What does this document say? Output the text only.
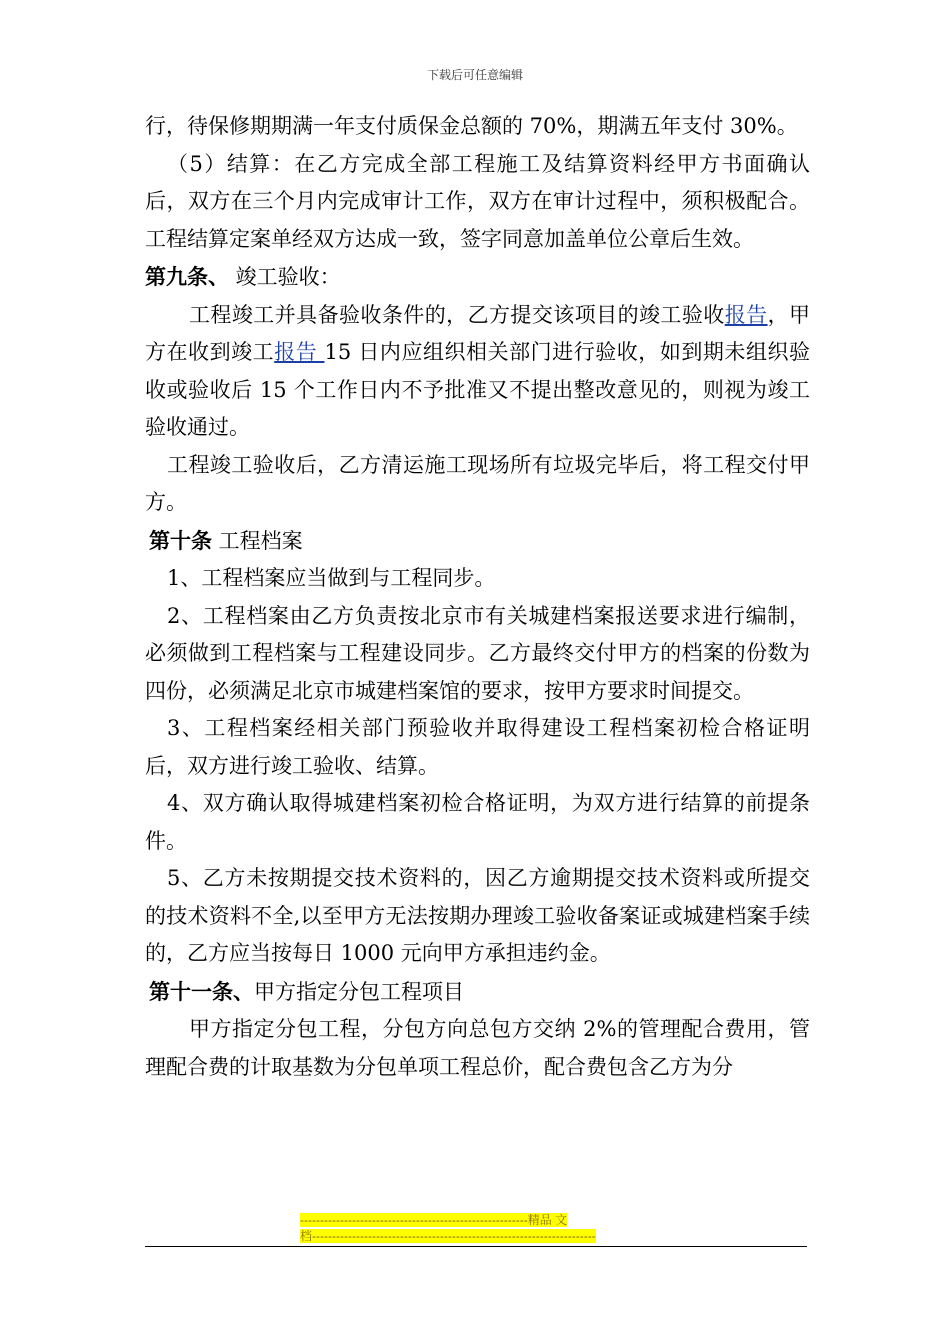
下载后可任意编辑

行，待保修期期满一年支付质保金总额的 70%，期满五年支付 30%。

（5）结算：在乙方完成全部工程施工及结算资料经甲方书面确认后，双方在三个月内完成审计工作，双方在审计过程中，须积极配合。工程结算定案单经双方达成一致，签字同意加盖单位公章后生效。

第九条、 竣工验收：

工程竣工并具备验收条件的，乙方提交该项目的竣工验收报告，甲方在收到竣工报告 15 日内应组织相关部门进行验收，如到期未组织验收或验收后 15 个工作日内不予批准又不提出整改意见的，则视为竣工验收通过。

工程竣工验收后，乙方清运施工现场所有垃圾完毕后，将工程交付甲方。

第十条 工程档案

1、工程档案应当做到与工程同步。

2、工程档案由乙方负责按北京市有关城建档案报送要求进行编制，必须做到工程档案与工程建设同步。乙方最终交付甲方的档案的份数为四份，必须满足北京市城建档案馆的要求，按甲方要求时间提交。

3、工程档案经相关部门预验收并取得建设工程档案初检合格证明后，双方进行竣工验收、结算。

4、双方确认取得城建档案初检合格证明，为双方进行结算的前提条件。

5、乙方未按期提交技术资料的，因乙方逾期提交技术资料或所提交的技术资料不全,以至甲方无法按期办理竣工验收备案证或城建档案手续的，乙方应当按每日 1000 元向甲方承担违约金。

第十一条、甲方指定分包工程项目

甲方指定分包工程，分包方向总包方交纳 2%的管理配合费用，管理配合费的计取基数为分包单项工程总价，配合费包含乙方为分

---------------------------------------------------------精品 文
档-----------------------------------------------------------------------
